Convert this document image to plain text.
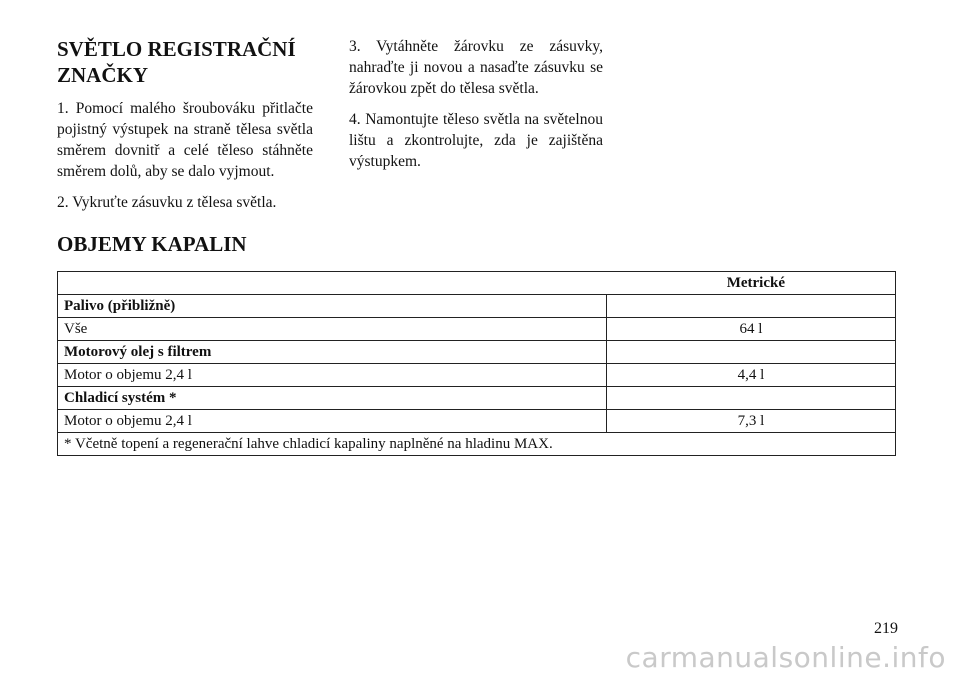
SVĚTLO REGISTRAČNÍ ZNAČKY

1. Pomocí malého šroubováku přitlačte pojistný výstupek na straně tělesa světla směrem dovnitř a celé těleso stáhněte směrem dolů, aby se dalo vyjmout.

2. Vykruťte zásuvku z tělesa světla.

3. Vytáhněte žárovku ze zásuvky, nahraďte ji novou a nasaďte zásuvku se žárovkou zpět do tělesa světla.

4. Namontujte těleso světla na světelnou lištu a zkontrolujte, zda je zajištěna výstupkem.

OBJEMY KAPALIN
Metrické	
Palivo (přibližně)	
Vše	64 l
Motorový olej s filtrem	
Motor o objemu 2,4 l	4,4 l
Chladicí systém *	
Motor o objemu 2,4 l	7,3 l
* Včetně topení a regenerační lahve chladicí kapaliny naplněné na hladinu MAX.	
219
carmanualsonline.info
